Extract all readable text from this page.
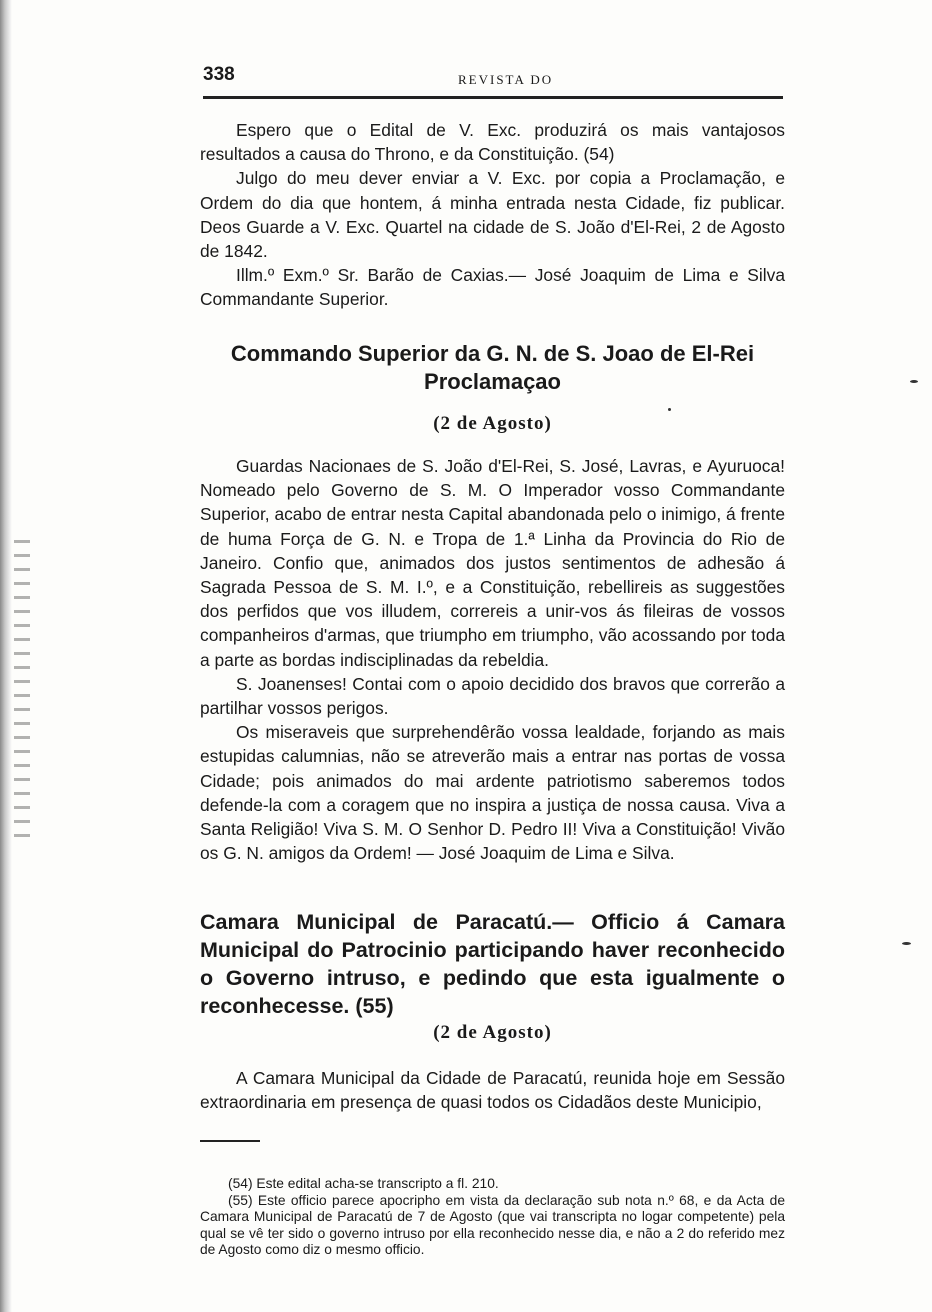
338	REVISTA DO

Espero que o Edital de V. Exc. produzirá os mais vantajosos resultados a causa do Throno, e da Constituição. (54)

Julgo do meu dever enviar a V. Exc. por copia a Proclamação, e Ordem do dia que hontem, á minha entrada nesta Cidade, fiz publicar. Deos Guarde a V. Exc. Quartel na cidade de S. João d'El-Rei, 2 de Agosto de 1842.

Illm.º Exm.º Sr. Barão de Caxias.— José Joaquim de Lima e Silva Commandante Superior.

Commando Superior da G. N. de S. Joao de El-Rei

Proclamaçao

(2 de Agosto)

Guardas Nacionaes de S. João d'El-Rei, S. José, Lavras, e Ayuruoca! Nomeado pelo Governo de S. M. O Imperador vosso Commandante Superior, acabo de entrar nesta Capital abandonada pelo o inimigo, á frente de huma Força de G. N. e Tropa de 1.ª Linha da Provincia do Rio de Janeiro. Confio que, animados dos justos sentimentos de adhesão á Sagrada Pessoa de S. M. I.º, e a Constituição, rebellireis as suggestões dos perfidos que vos illudem, correreis a unir-vos ás fileiras de vossos companheiros d'armas, que triumpho em triumpho, vão acossando por toda a parte as bordas indisciplinadas da rebeldia.

S. Joanenses! Contai com o apoio decidido dos bravos que correrão a partilhar vossos perigos.

Os miseraveis que surprehendêrão vossa lealdade, forjando as mais estupidas calumnias, não se atreverão mais a entrar nas portas de vossa Cidade; pois animados do mai ardente patriotismo saberemos todos defende-la com a coragem que no inspira a justiça de nossa causa. Viva a Santa Religião! Viva S. M. O Senhor D. Pedro II! Viva a Constituição! Vivão os G. N. amigos da Ordem! — José Joaquim de Lima e Silva.

Camara Municipal de Paracatú.— Officio á Camara Municipal do Patrocinio participando haver reconhecido o Governo intruso, e pedindo que esta igualmente o reconhecesse. (55)

(2 de Agosto)

A Camara Municipal da Cidade de Paracatú, reunida hoje em Sessão extraordinaria em presença de quasi todos os Cidadãos deste Municipio,

(54) Este edital acha-se transcripto a fl. 210.

(55) Este officio parece apocripho em vista da declaração sub nota n.º 68, e da Acta de Camara Municipal de Paracatú de 7 de Agosto (que vai transcripta no logar competente) pela qual se vê ter sido o governo intruso por ella reconhecido nesse dia, e não a 2 do referido mez de Agosto como diz o mesmo officio.
